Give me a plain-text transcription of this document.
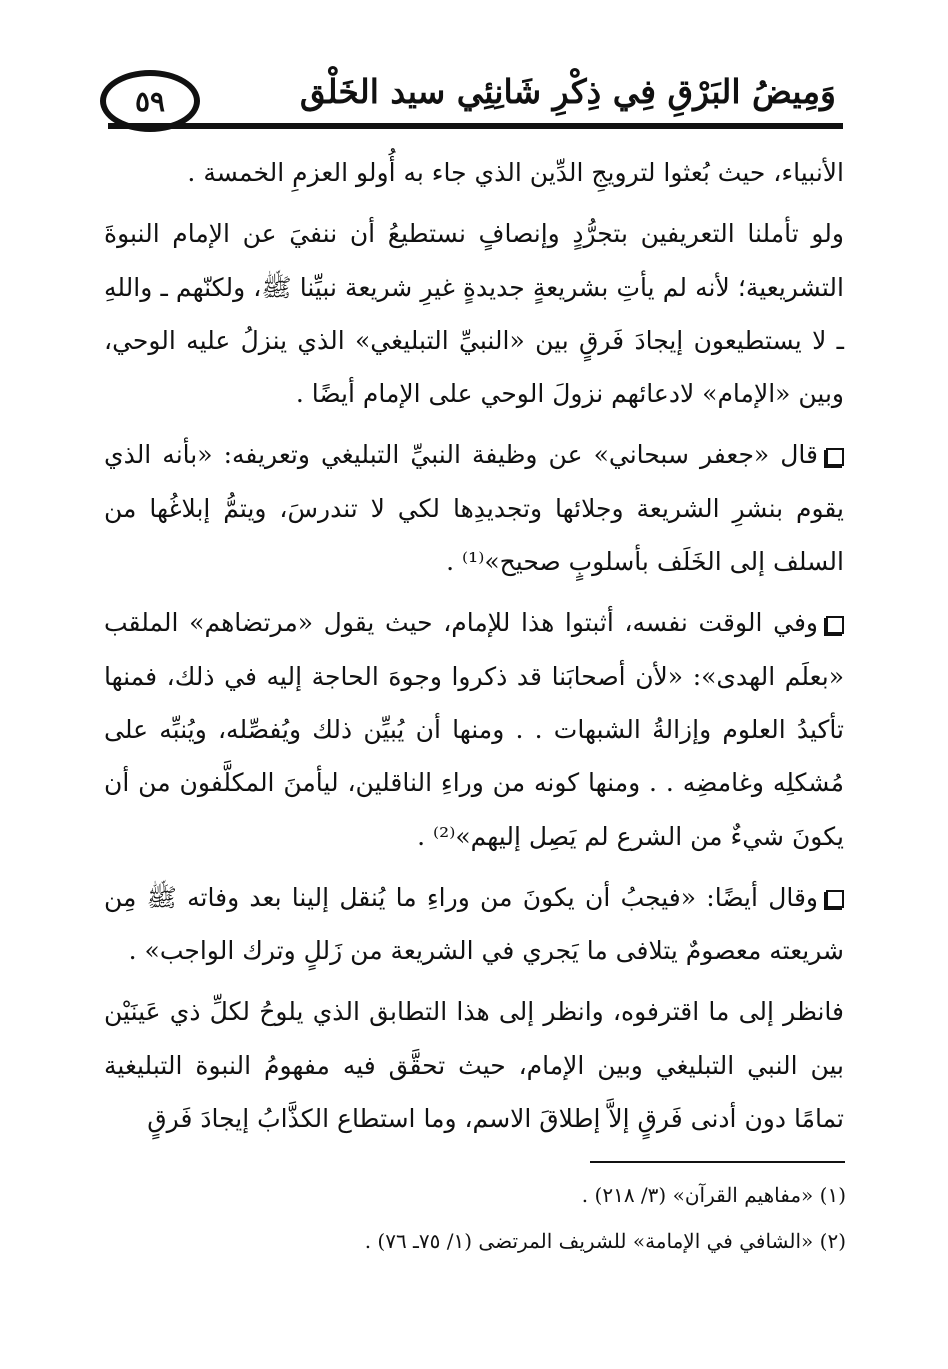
وَمِيضُ البَرْقِ فِي ذِكْرِ شَانِئِي سيد الخَلْق
٥٩

الأنبياء، حيث بُعثوا لترويجِ الدِّين الذي جاء به أُولو العزمِ الخمسة .

ولو تأملنا التعريفين بتجرُّدٍ وإنصافٍ نستطيعُ أن ننفيَ عن الإمام النبوةَ التشريعية؛ لأنه لم يأتِ بشريعةٍ جديدةٍ غيرِ شريعة نبيِّنا ﷺ، ولكنّهم ـ واللهِ ـ لا يستطيعون إيجادَ فَرقٍ بين «النبيِّ التبليغي» الذي ينزلُ عليه الوحي، وبين «الإمام» لادعائهم نزولَ الوحي على الإمام أيضًا .

قال «جعفر سبحاني» عن وظيفة النبيِّ التبليغي وتعريفه: «بأنه الذي يقوم بنشرِ الشريعة وجلائها وتجديدِها لكي لا تندرسَ، ويتمُّ إبلاغُها من السلف إلى الخَلَف بأسلوبٍ صحيح»⁽¹⁾ .

وفي الوقت نفسه، أثبتوا هذا للإمام، حيث يقول «مرتضاهم» الملقب «بعلَم الهدى»: «لأن أصحابَنا قد ذكروا وجوهَ الحاجة إليه في ذلك، فمنها تأكيدُ العلوم وإزالةُ الشبهات . . ومنها أن يُبيِّن ذلك ويُفصِّله، ويُنبِّه على مُشكلِه وغامضِه . . ومنها كونه من وراءِ الناقلين، ليأمنَ المكلَّفون من أن يكونَ شيءٌ من الشرع لم يَصِل إليهم»⁽²⁾ .

وقال أيضًا: «فيجبُ أن يكونَ من وراءِ ما يُنقل إلينا بعد وفاته ﷺ مِن شريعته معصومٌ يتلافى ما يَجري في الشريعة من زَللٍ وترك الواجب» .

فانظر إلى ما اقترفوه، وانظر إلى هذا التطابق الذي يلوحُ لكلِّ ذي عَينَيْن بين النبي التبليغي وبين الإمام، حيث تحقَّق فيه مفهومُ النبوة التبليغية تمامًا دون أدنى فَرقٍ إلاَّ إطلاقَ الاسم، وما استطاع الكذَّابُ إيجادَ فَرقٍ

(١) «مفاهيم القرآن» (٣/ ٢١٨) .

(٢) «الشافي في الإمامة» للشريف المرتضى (١/ ٧٥ـ ٧٦) .
